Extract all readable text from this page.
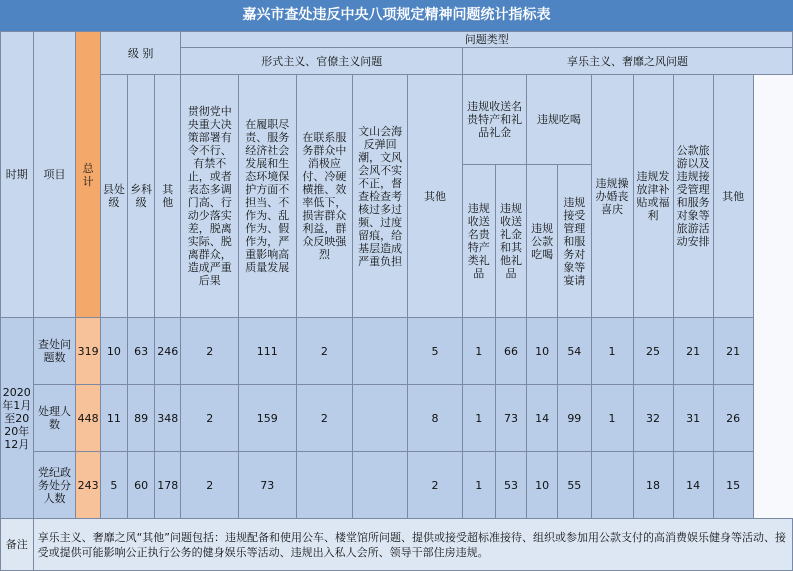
嘉兴市查处违反中央八项规定精神问题统计指标表
时期	项目	总计	级 别			问题类型												
						形式主义、官僚主义问题					享乐主义、奢靡之风问题							
			县处级	乡科级	其他	贯彻党中央重大决策部署有令不行、有禁不止，或者表态多调门高、行动少落实差，脱离实际、脱离群众，造成严重后果	在履职尽责、服务经济社会发展和生态环境保护方面不担当、不作为、乱作为、假作为，严重影响高质量发展	在联系服务群众中消极应付、冷硬横推、效率低下，损害群众利益，群众反映强烈	文山会海反弹回潮，文风会风不实不正，督查检查考核过多过频、过度留痕，给基层造成严重负担	其他	违规收送名贵特产和礼品礼金		违规吃喝		违规操办婚丧喜庆	违规发放津补贴或福利	公款旅游以及违规接受管理和服务对象等旅游活动安排	其他
											违规收送名贵特产类礼品	违规收送礼金和其他礼品	违规公款吃喝	违规接受管理和服务对象等宴请				
2020年1月至2020年12月	查处问题数	319	10	63	246	2	111	2		5	1	66	10	54	1	25	21	21
	处理人数	448	11	89	348	2	159	2		8	1	73	14	99	1	32	31	26
	党纪政务处分人数	243	5	60	178	2	73			2	1	53	10	55		18	14	15
备注	享乐主义、奢靡之风“其他”问题包括：违规配备和使用公车、楼堂馆所问题、提供或接受超标准接待、组织或参加用公款支付的高消费娱乐健身等活动、接受或提供可能影响公正执行公务的健身娱乐等活动、违规出入私人会所、领导干部住房违规。																	
